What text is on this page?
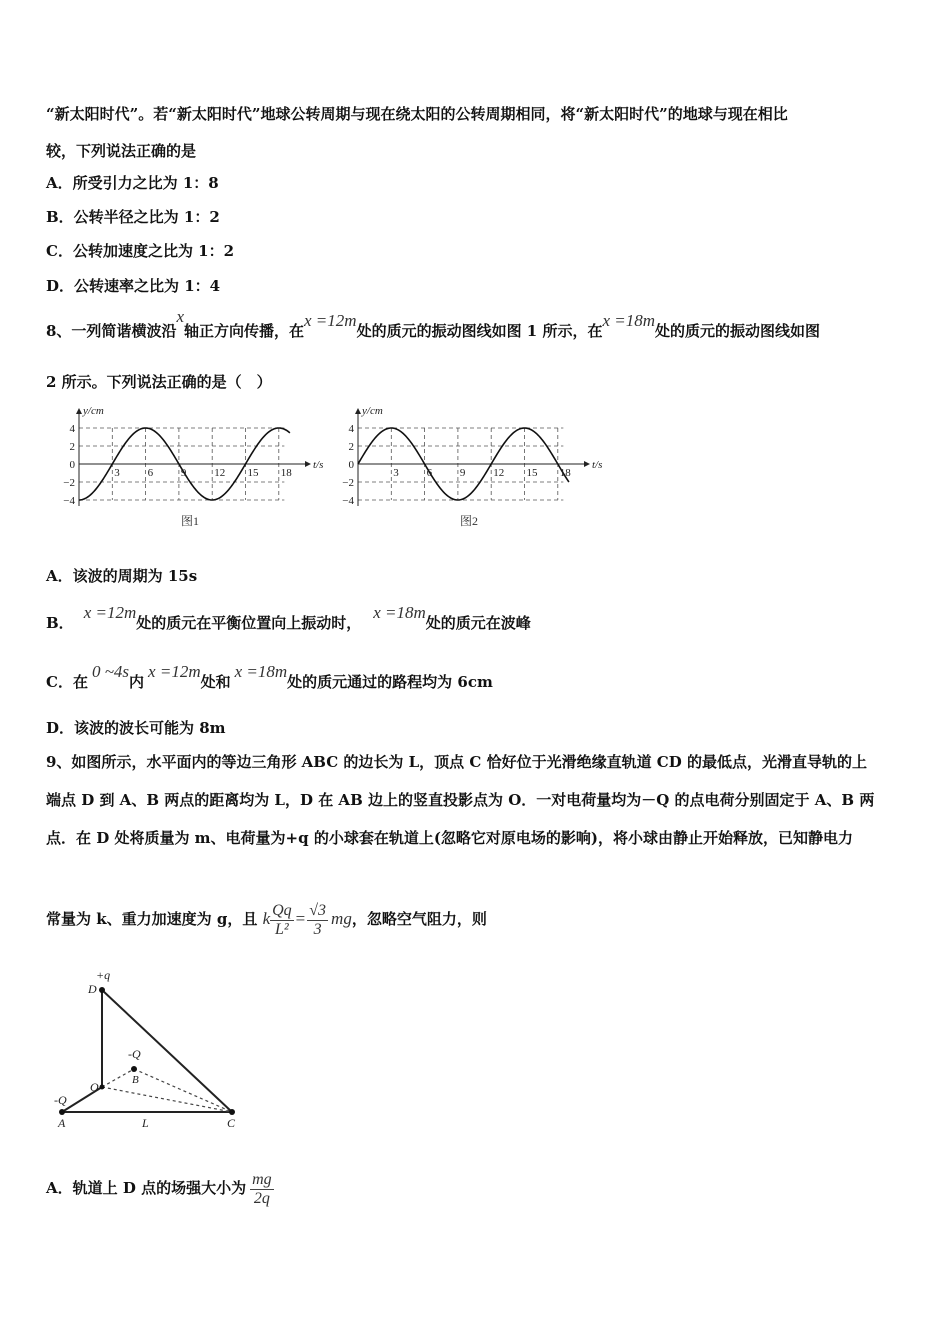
“新太阳时代”。若“新太阳时代”地球公转周期与现在绕太阳的公转周期相同，将“新太阳时代”的地球与现在相比
较，下列说法正确的是
A．所受引力之比为 1：8
B．公转半径之比为 1：2
C．公转加速度之比为 1：2
D．公转速率之比为 1：4
8、一列简谐横波沿x轴正方向传播，在x =12m处的质元的振动图线如图 1 所示，在x =18m处的质元的振动图线如图
2 所示。下列说法正确的是（　）
4
2
0
−2
−4
3	6	9	12 15 18
y/cm
t/s
图1
4
2
0
−2
−4
3	6	9	12 15 18
y/cm
t/s
图2
A．该波的周期为 15s
B．x =12m处的质元在平衡位置向上振动时，x =18m处的质元在波峰
C．在0 ~4s内x =12m处和x =18m处的质元通过的路程均为 6cm
D．该波的波长可能为 8m
9、如图所示，水平面内的等边三角形 ABC 的边长为 L，顶点 C 恰好位于光滑绝缘直轨道 CD 的最低点，光滑直导轨的上
端点 D 到 A、B 两点的距离均为 L，D 在 AB 边上的竖直投影点为 O．一对电荷量均为－Q 的点电荷分别固定于 A、B 两
点．在 D 处将质量为 m、电荷量为+q 的小球套在轨道上(忽略它对原电场的影响)，将小球由静止开始释放，已知静电力
常量为 k、重力加速度为 g，且 k $\frac{Qq}{\text{L²}} = \frac{√3}{3}$ mg，忽略空气阻力，则
+q
D
-Q
B
O
-Q
A	L	C
A．轨道上 D 点的场强大小为 $\frac{mg}{2q}$
